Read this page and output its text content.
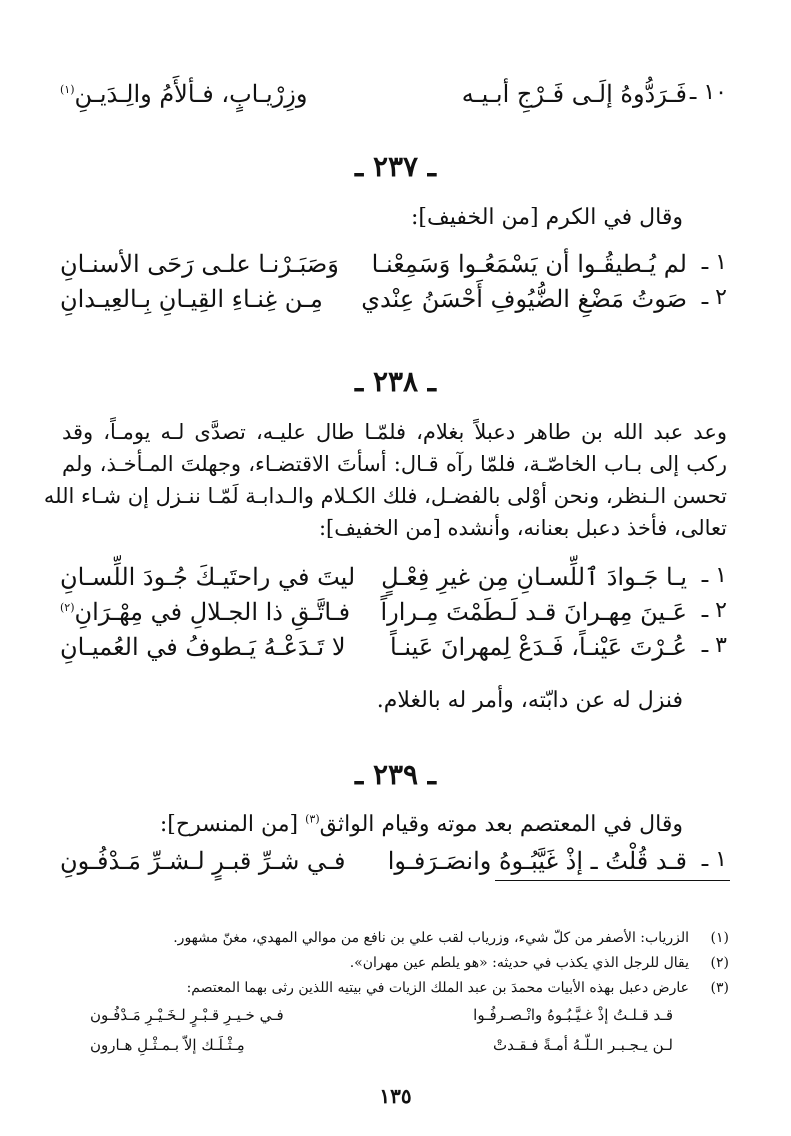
١٠ ـ
فَـرَدُّوهُ إلَـى فَـرْجِ أبـيـه
وزِرْيـابٍ، فـألأَمُ والِـدَيـنِ$^{(١)}$
ـ ٢٣٧ ـ
وقال في الكرم [من الخفيف]:
١ ـ
لم يُـطيقُـوا أن يَسْمَعُـوا وَسَمِعْنـا
وَصَبَـرْنـا علـى رَحَى الأسنـانِ
٢ ـ
صَوتُ مَضْغِ الضُّيُوفِ أَحْسَنُ عِنْدي
مِـن غِنـاءِ القِيـانِ بِـالعِيـدانِ
ـ ٢٣٨ ـ
وعد عبد الله بن طاهر دعبلاً بغلام، فلمّـا طال عليـه، تصدَّى لـه يومـاً، وقد
ركب إلى بـاب الخاصّـة، فلمّا رآه قـال: أسأتَ الاقتضـاء، وجهلتَ المـأخـذ، ولم
تحسن الـنظر، ونحن أوْلى بالفضـل، فلك الكـلام والـدابـة لَمّـا ننـزل إن شـاء الله
تعالى، فأخذ دعبل بعنانه، وأنشده [من الخفيف]:
١ ـ
يـا جَـوادَ ٱللِّسـانِ مِن غيرِ فِعْـلٍ
ليتَ في راحتَيـكَ جُـودَ اللِّسـانِ
٢ ـ
عَـينَ مِهـرانَ قـد لَـطَمْتَ مِـراراً
فـاتَّـقِ ذا الجـلالِ في مِهْـرَانِ$^{(٢)}$
٣ ـ
عُـرْتَ عَيْنـاً، فَـدَعْ لِمهرانَ عَينـاً
لا تَـدَعْـهُ يَـطوفُ في العُميـانِ
فنزل له عن دابّته، وأمر له بالغلام.
ـ ٢٣٩ ـ
وقال في المعتصم بعد موته وقيام الواثق$^{(٣)}$ [من المنسرح]:
١ ـ
قـد قُلْتُ ـ إذْ غَيَّبُـوهُ وانصَـرَفـوا
فـي شـرِّ قبـرٍ لـشـرِّ مَـدْفُـونِ
(١)الزرياب: الأصفر من كلّ شيء، وزرياب لقب علي بن نافع من موالي المهدي، مغنّ مشهور.
(٢)يقال للرجل الذي يكذب في حديثه: «هو يلطم عين مهران».
(٣)عارض دعبل بهذه الأبيات محمدَ بن عبد الملك الزيات في بيتيه اللذين رثى بهما المعتصم:
قـد قـلـتُ إذْ غـيَّـبُـوهُ وانْـصـرفُـوا
فـي خـيـرِ قـبْـرٍ لـخَـيْـرِ مَـدْفُـون
لـن يـجـبـر الـلّـهُ أمـةً فـقـدتْ
مِـثْـلَـك إلاّ بـمـثْـلِ هـارون
١٣٥
